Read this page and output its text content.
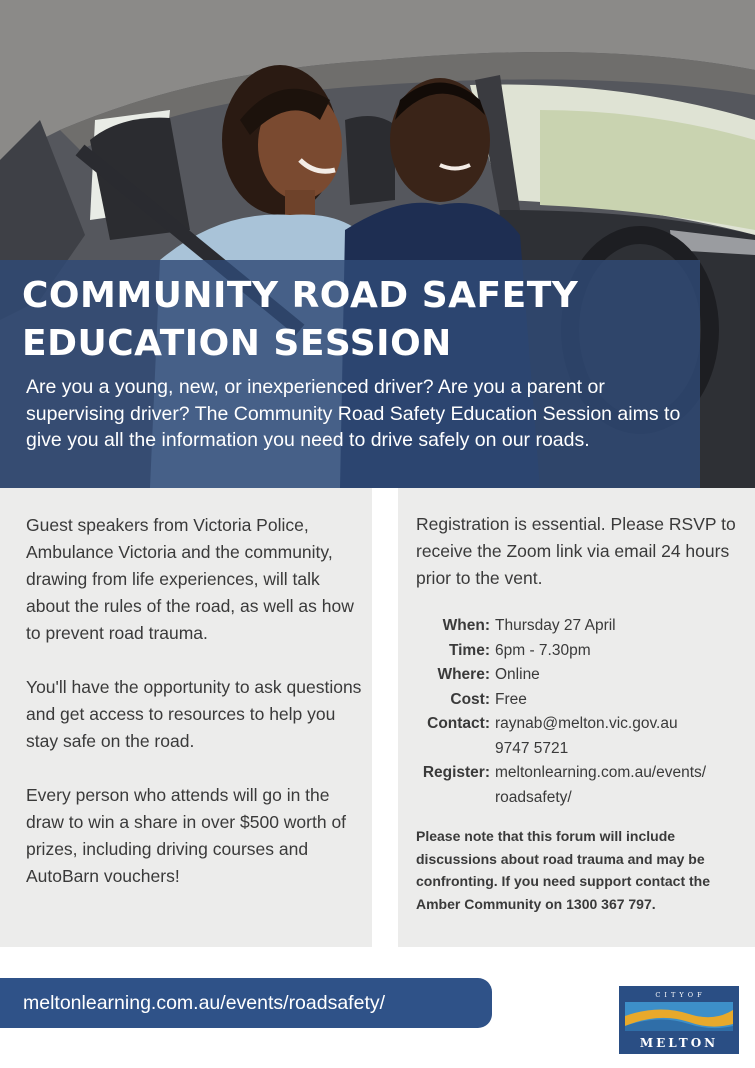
COMMUNITY ROAD SAFETY
EDUCATION SESSION

Are you a young, new, or inexperienced driver? Are you a parent or supervising driver? The Community Road Safety Education Session aims to give you all the information you need to drive safely on our roads.

Guest speakers from Victoria Police, Ambulance Victoria and the community, drawing from life experiences, will talk about the rules of the road, as well as how to prevent road trauma.

You'll have the opportunity to ask questions and get access to resources to help you stay safe on the road.

Every person who attends will go in the draw to win a share in over $500 worth of prizes, including driving courses and AutoBarn vouchers!

Registration is essential. Please RSVP to receive the Zoom link via email 24 hours prior to the vent.

When: Thursday 27 April
Time: 6pm - 7.30pm
Where: Online
Cost: Free
Contact: raynab@melton.vic.gov.au
9747 5721
Register: meltonlearning.com.au/events/
roadsafety/

Please note that this forum will include discussions about road trauma and may be confronting. If you need support contact the Amber Community on 1300 367 797.

meltonlearning.com.au/events/roadsafety/	C I T Y O F
MELTON
